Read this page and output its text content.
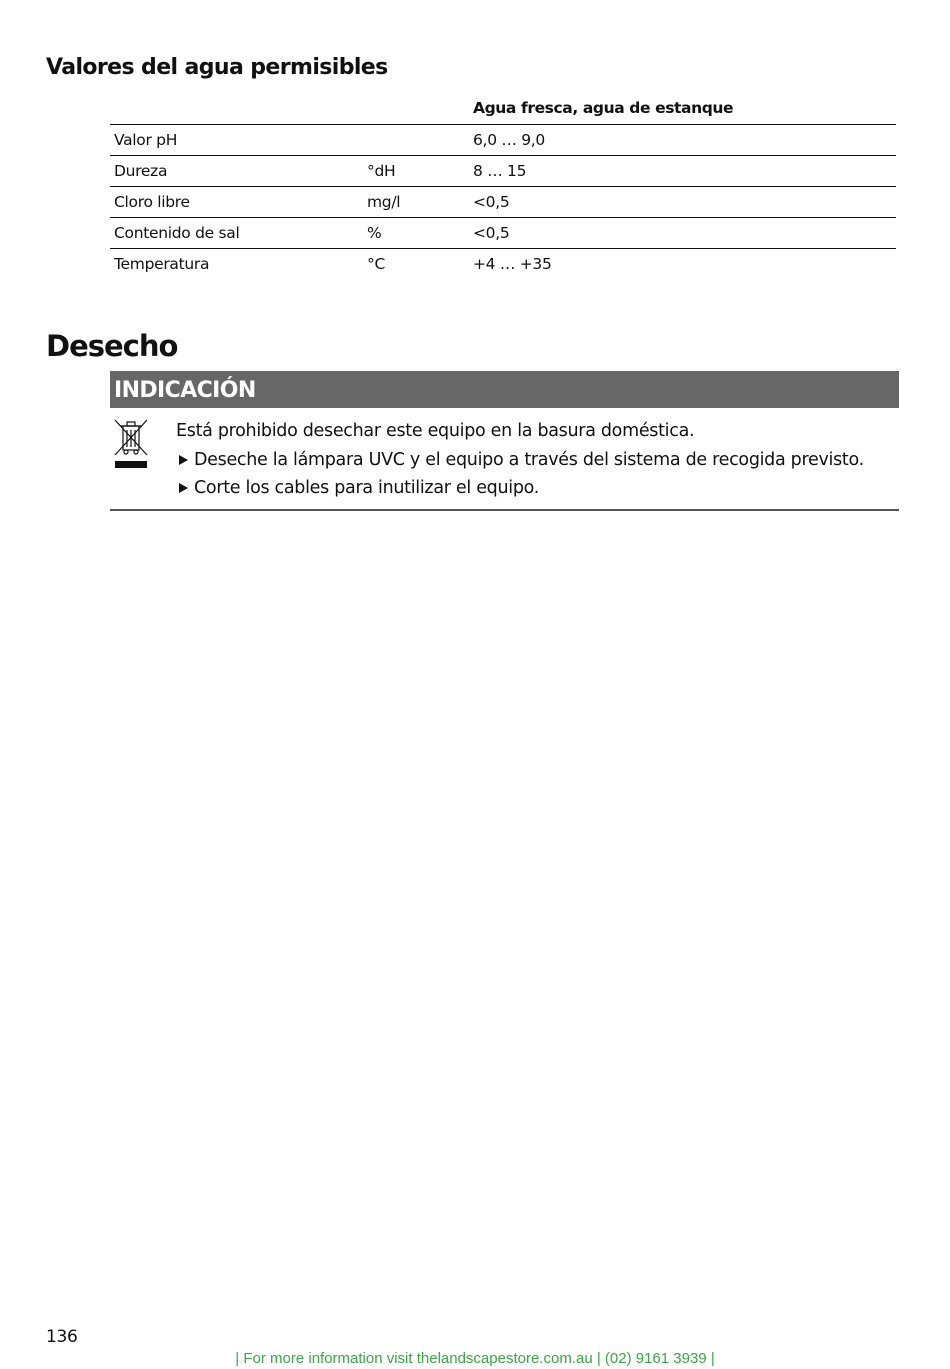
Valores del agua permisibles
		Agua fresca, agua de estanque
Valor pH		6,0 … 9,0
Dureza	°dH	8 … 15
Cloro libre	mg/l	<0,5
Contenido de sal	%	<0,5
Temperatura	°C	+4 … +35
Desecho
INDICACIÓN

Está prohibido desechar este equipo en la basura doméstica.

Deseche la lámpara UVC y el equipo a través del sistema de recogida previsto.

Corte los cables para inutilizar el equipo.

136
| For more information visit thelandscapestore.com.au | (02) 9161 3939 |
